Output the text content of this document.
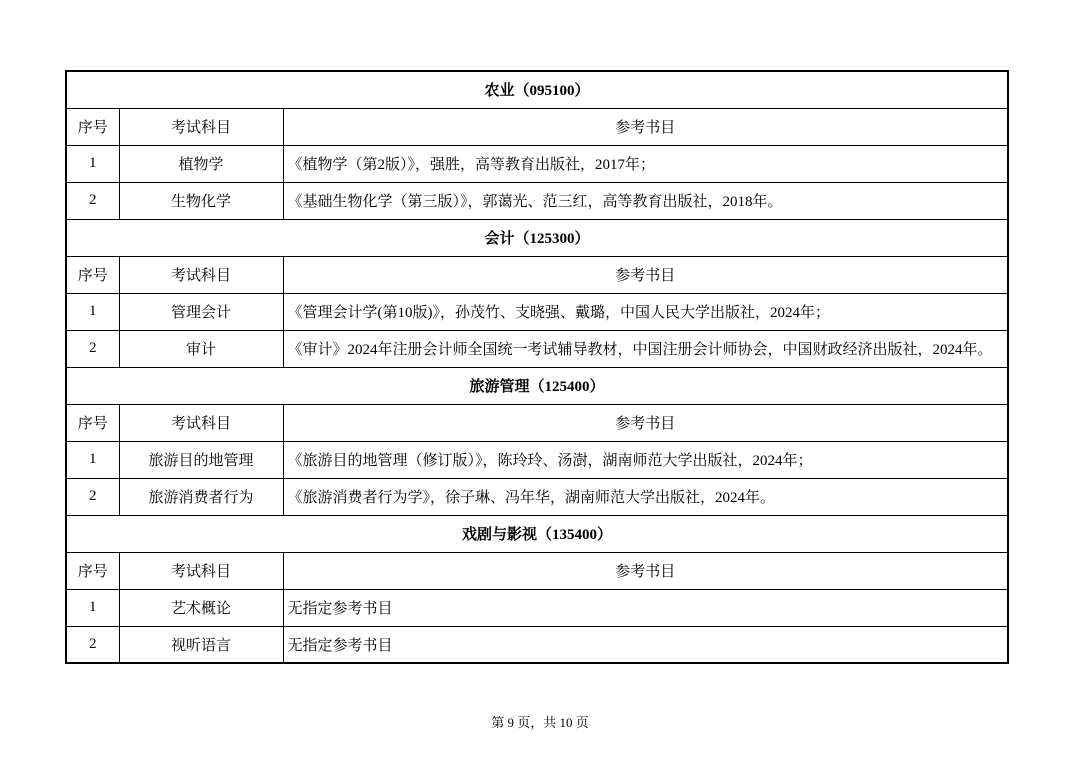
农业（095100）		
序号	考试科目	参考书目
1	植物学	《植物学（第2版）》，强胜，高等教育出版社，2017年；
2	生物化学	《基础生物化学（第三版）》，郭蔼光、范三红，高等教育出版社，2018年。
会计（125300）		
序号	考试科目	参考书目
1	管理会计	《管理会计学(第10版)》，孙茂竹、支晓强、戴璐，中国人民大学出版社，2024年；
2	审计	《审计》2024年注册会计师全国统一考试辅导教材，中国注册会计师协会，中国财政经济出版社，2024年。
旅游管理（125400）		
序号	考试科目	参考书目
1	旅游目的地管理	《旅游目的地管理（修订版）》，陈玲玲、汤澍，湖南师范大学出版社，2024年；
2	旅游消费者行为	《旅游消费者行为学》，徐子琳、冯年华，湖南师范大学出版社，2024年。
戏剧与影视（135400）		
序号	考试科目	参考书目
1	艺术概论	无指定参考书目
2	视听语言	无指定参考书目
第 9 页，共 10 页
